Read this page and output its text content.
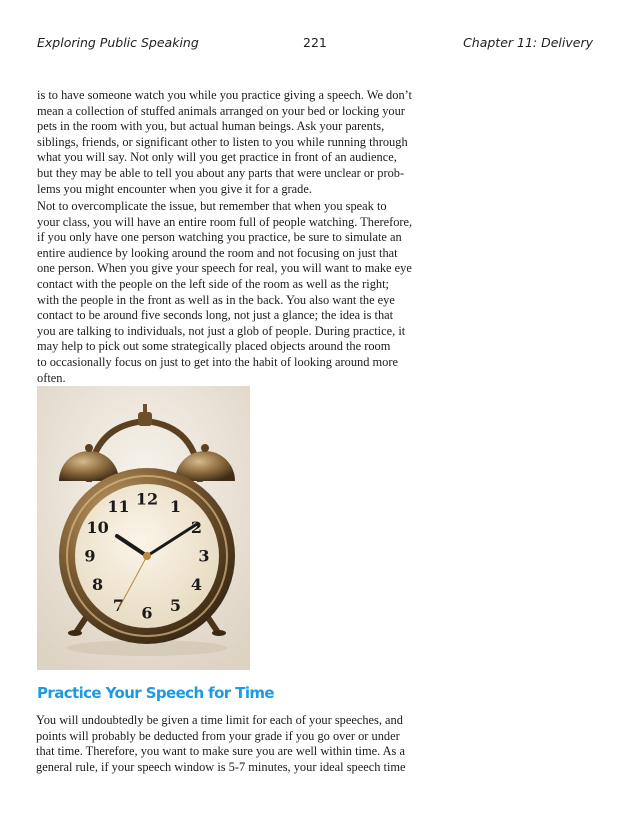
Exploring Public Speaking	221	Chapter 11: Delivery
is to have someone watch you while you practice giving a speech. We don’t
mean a collection of stuffed animals arranged on your bed or locking your
pets in the room with you, but actual human beings. Ask your parents,
siblings, friends, or significant other to listen to you while running through
what you will say. Not only will you get practice in front of an audience,
but they may be able to tell you about any parts that were unclear or prob-
lems you might encounter when you give it for a grade.
Not to overcomplicate the issue, but remember that when you speak to
your class, you will have an entire room full of people watching. Therefore,
if you only have one person watching you practice, be sure to simulate an
entire audience by looking around the room and not focusing on just that
one person. When you give your speech for real, you will want to make eye
contact with the people on the left side of the room as well as the right;
with the people in the front as well as in the back. You also want the eye
contact to be around five seconds long, not just a glance; the idea is that
you are talking to individuals, not just a glob of people. During practice, it
may help to pick out some strategically placed objects around the room
to occasionally focus on just to get into the habit of looking around more
often.
12 1
2
3
4
5
6
7
8
9
10
11
Practice Your Speech for Time
You will undoubtedly be given a time limit for each of your speeches, and
points will probably be deducted from your grade if you go over or under
that time. Therefore, you want to make sure you are well within time. As a
general rule, if your speech window is 5-7 minutes, your ideal speech time
